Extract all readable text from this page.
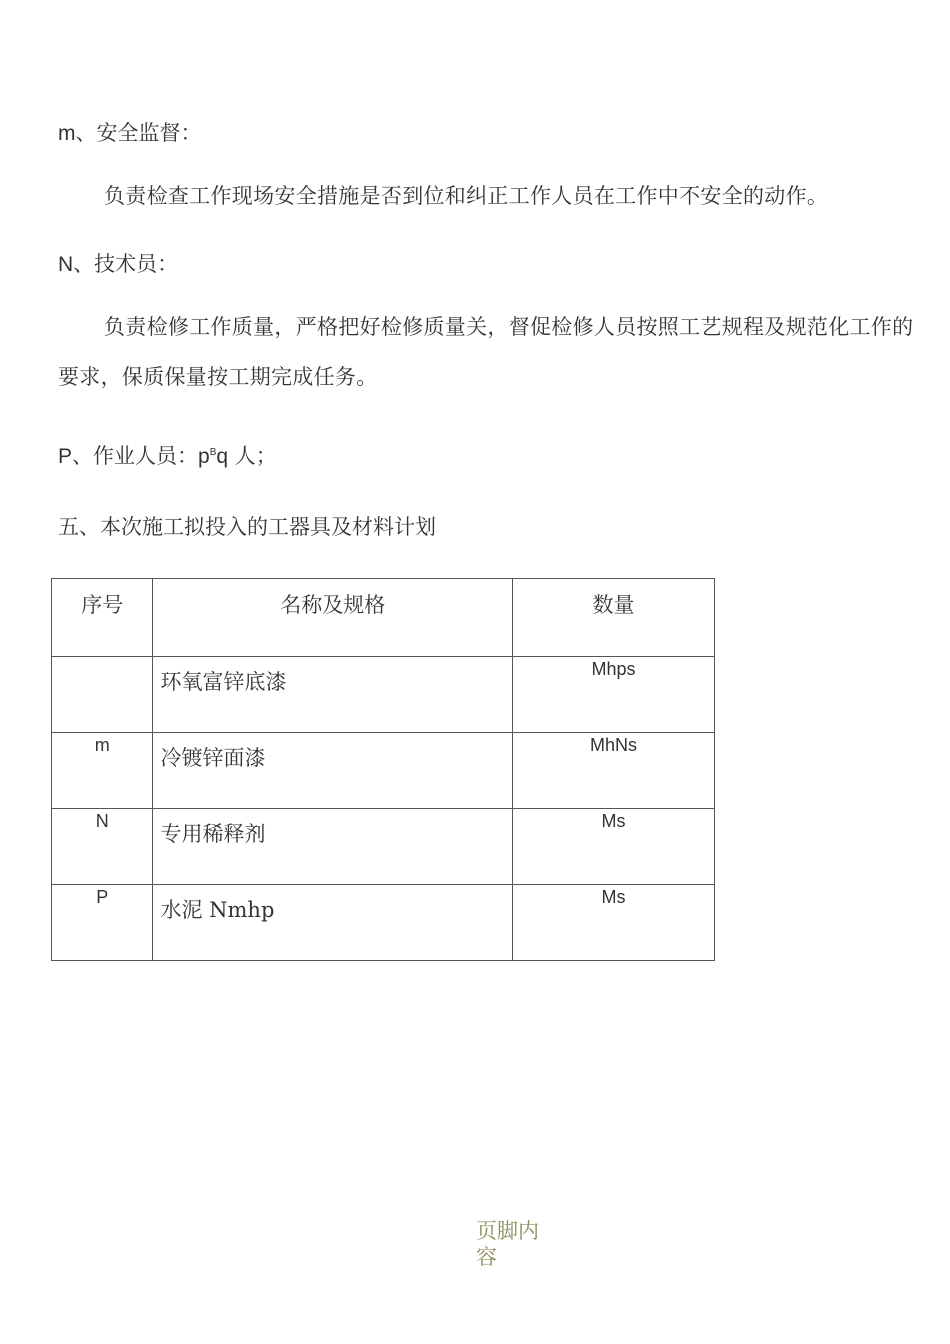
m、安全监督：
负责检查工作现场安全措施是否到位和纠正工作人员在工作中不安全的动作。
N、技术员：
负责检修工作质量，严格把好检修质量关，督促检修人员按照工艺规程及规范化工作的要求，保质保量按工期完成任务。
P、作业人员：$p^Bq$ 人；
五、本次施工拟投入的工器具及材料计划
序号	名称及规格	数量
	环氧富锌底漆	Mhps
m	冷镀锌面漆	MhNs
N	专用稀释剂	Ms
P	水泥 Nmhp	Ms
页脚内容
